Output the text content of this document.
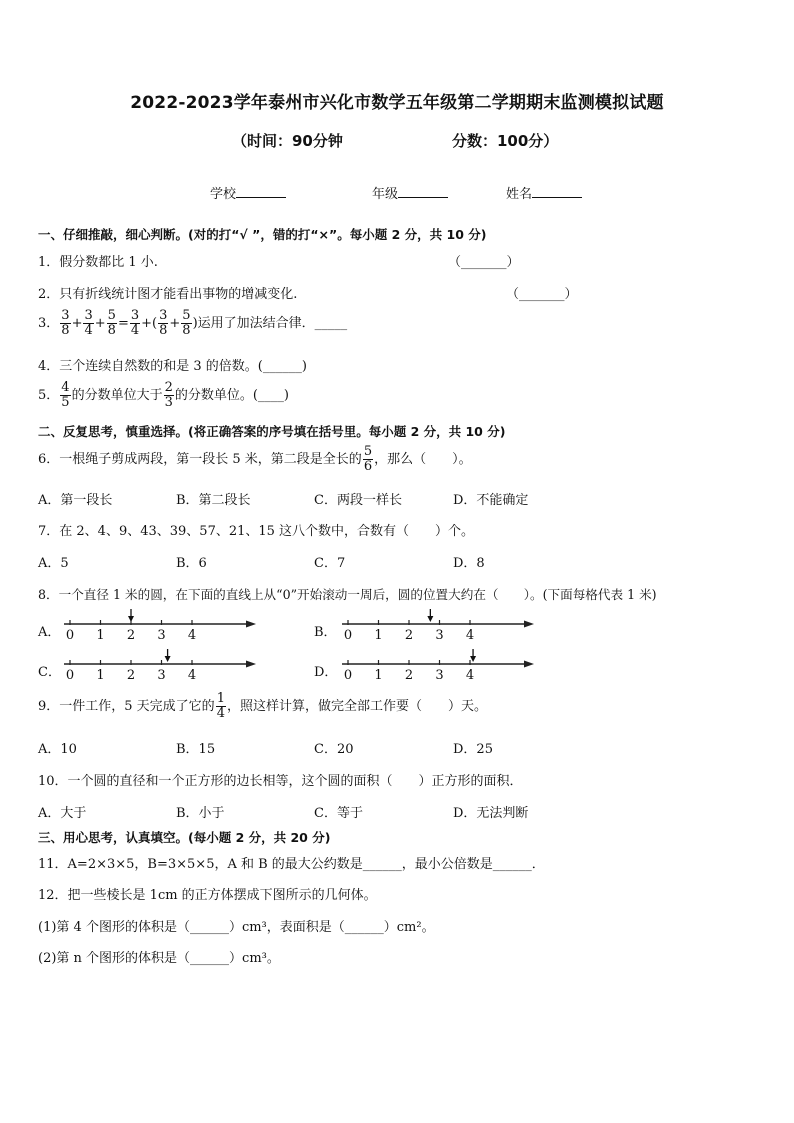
2022-2023学年泰州市兴化市数学五年级第二学期期末监测模拟试题
（时间：90分钟	分数：100分）
学校	年级	姓名
一、仔细推敲，细心判断。(对的打“√ ”，错的打“×”。每小题 2 分，共 10 分)
1．假分数都比 1 小.	（_______）
2．只有折线统计图才能看出事物的增减变化.	（_______）
3． $\frac{3}{8} + \frac{3}{4} + \frac{5}{8} = \frac{3}{4}$ +( $\frac{3}{8} + \frac{5}{8}$ )运用了加法结合律．_____
4．三个连续自然数的和是 3 的倍数。(______)
5． $\frac{4}{5}$ 的分数单位大于 $\frac{2}{3}$ 的分数单位。(____)
二、反复思考，慎重选择。(将正确答案的序号填在括号里。每小题 2 分，共 10 分)
6．一根绳子剪成两段，第一段长 5 米，第二段是全长的 $\frac{5}{6}$ ，那么（　　）。
A．第一段长	B．第二段长	C．两段一样长	D．不能确定
7．在 2、4、9、43、39、57、21、15 这八个数中，合数有（　　）个。
A．5	B．6	C．7	D．8
8．一个直径 1 米的圆，在下面的直线上从“0”开始滚动一周后，圆的位置大约在（　　）。(下面每格代表 1 米)
A．	B．
C．	D．
0 1 2 3 4	0 1 2 3 4
0 1 2 3 4	0 1 2 3 4
9．一件工作，5 天完成了它的 $\frac{1}{4}$ ，照这样计算，做完全部工作要（　　）天。
A．10	B．15	C．20	D．25
10．一个圆的直径和一个正方形的边长相等，这个圆的面积（　　）正方形的面积．
A．大于	B．小于	C．等于	D．无法判断
三、用心思考，认真填空。(每小题 2 分，共 20 分)
11．A=2×3×5，B=3×5×5，A 和 B 的最大公约数是______，最小公倍数是______．
12．把一些棱长是 1cm 的正方体摆成下图所示的几何体。
(1)第 4 个图形的体积是（______）cm³，表面积是（______）cm²。
(2)第 n 个图形的体积是（______）cm³。
